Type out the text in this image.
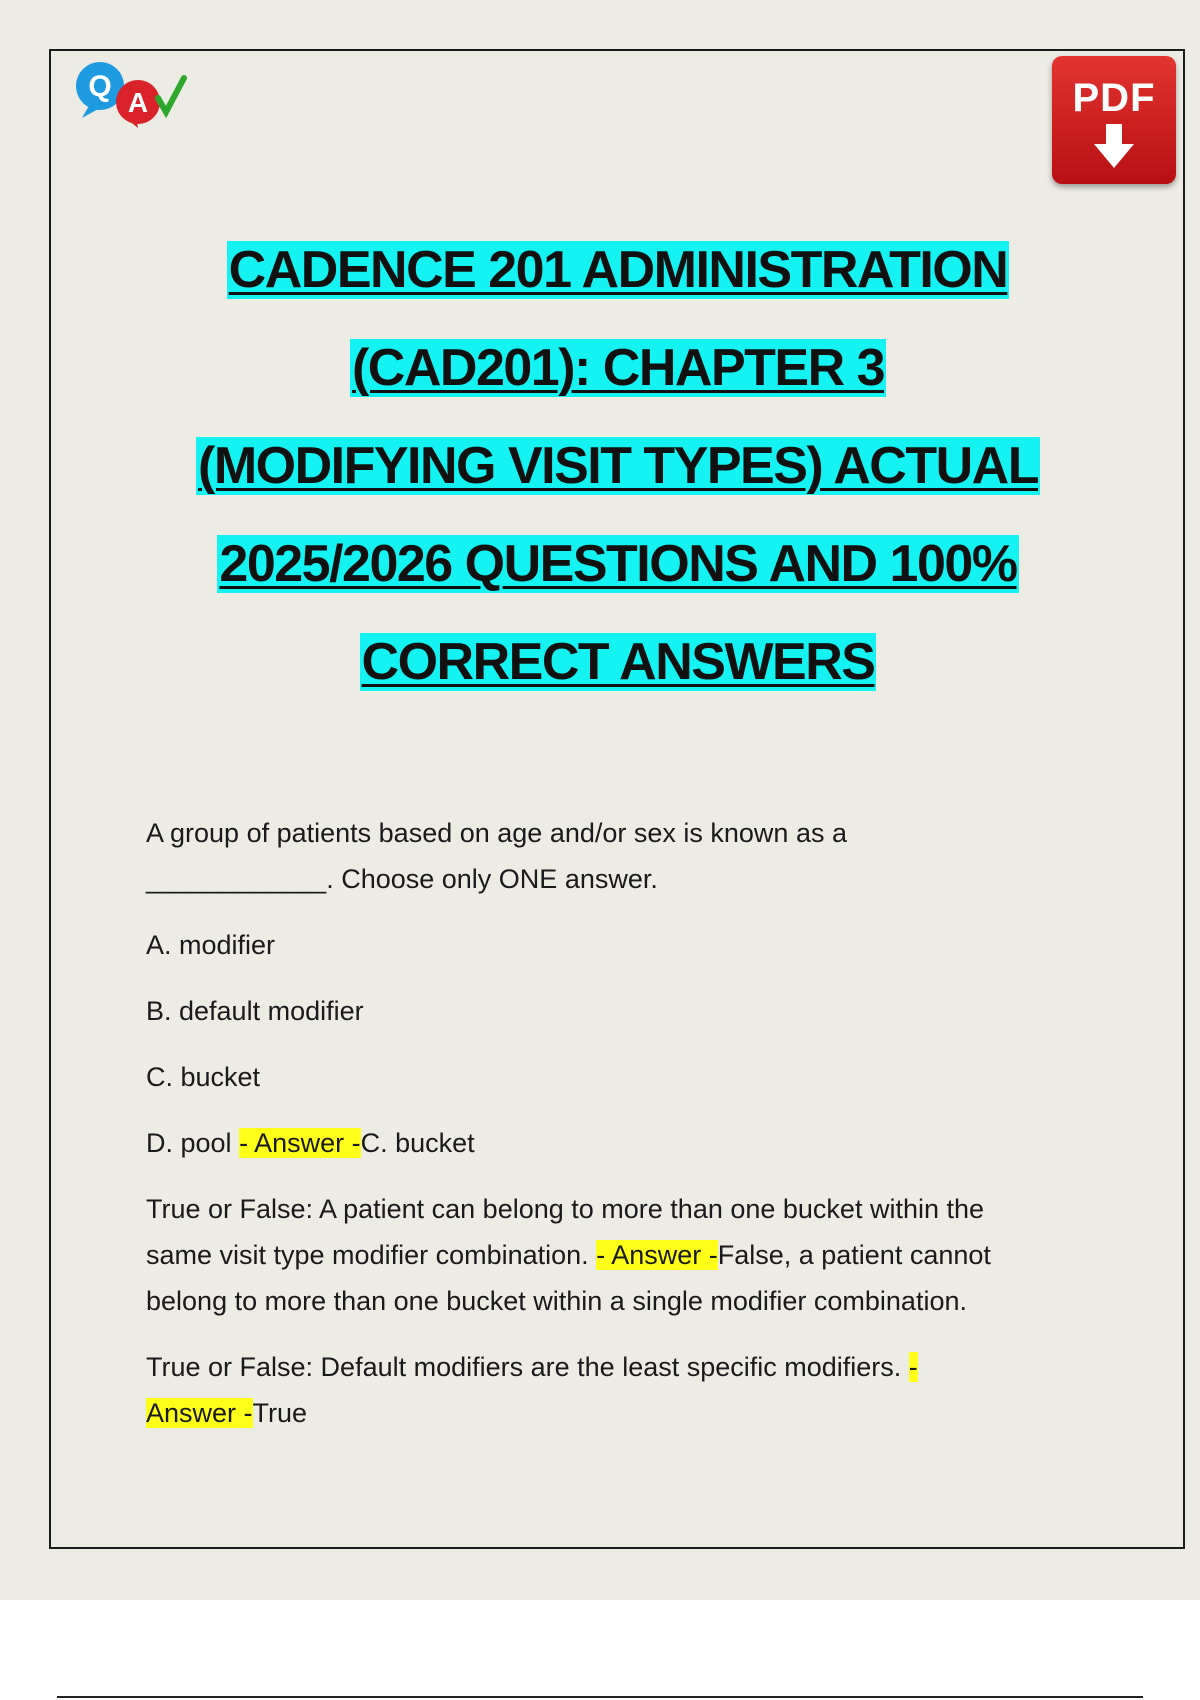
Q A	PDF
CADENCE 201 ADMINISTRATION
(CAD201): CHAPTER 3
(MODIFYING VISIT TYPES) ACTUAL
2025/2026 QUESTIONS AND 100%
CORRECT ANSWERS

A group of patients based on age and/or sex is known as a

____________. Choose only ONE answer.

A. modifier

B. default modifier

C. bucket

D. pool - Answer -C. bucket

True or False: A patient can belong to more than one bucket within the

same visit type modifier combination. - Answer -False, a patient cannot

belong to more than one bucket within a single modifier combination.

True or False: Default modifiers are the least specific modifiers. -

Answer -True
